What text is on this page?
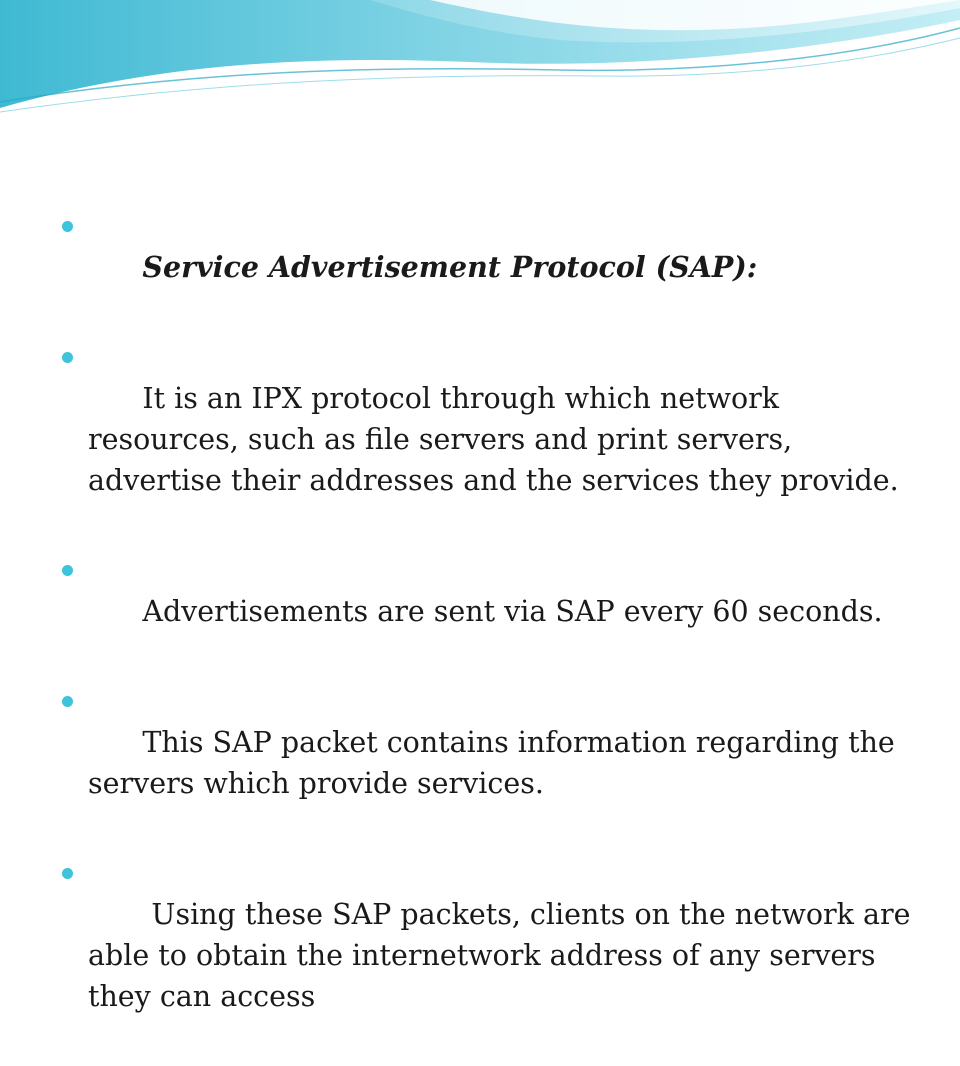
Service Advertisement Protocol (SAP):

It is an IPX protocol through which network resources, such as file servers and print servers, advertise their addresses and the services they provide.

Advertisements are sent via SAP every 60 seconds.

This SAP packet contains information regarding the servers which provide services.

Using these SAP packets, clients on the network are able to obtain the internetwork address of any servers they can access
